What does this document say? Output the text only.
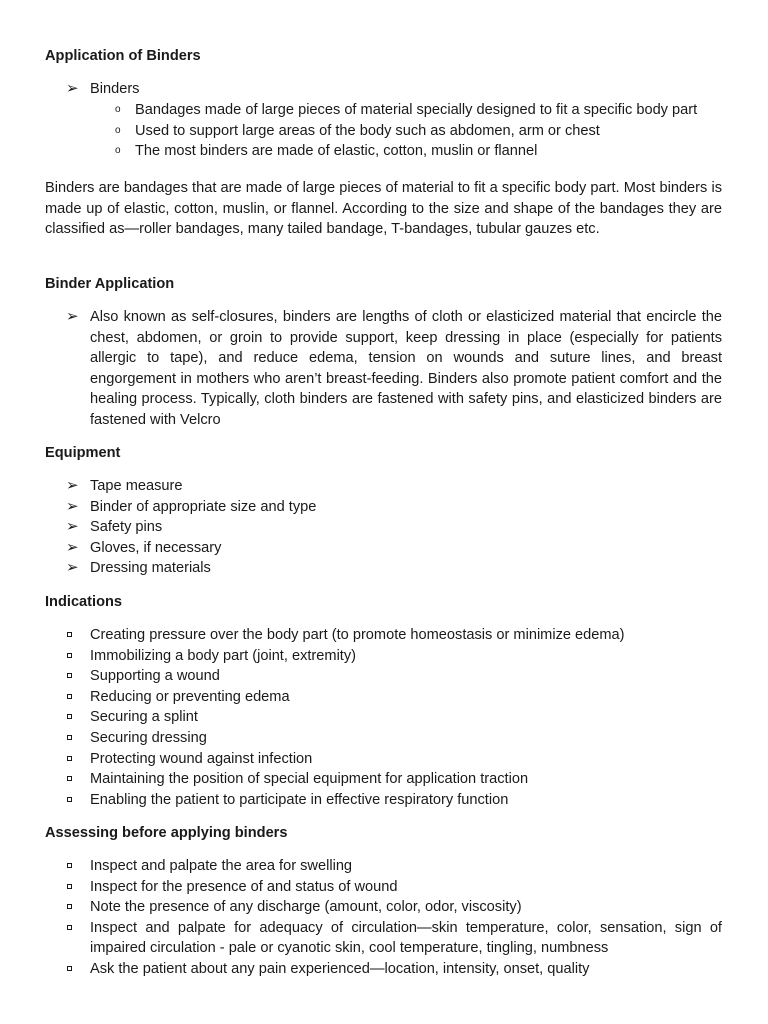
Application of Binders
➢ Binders
o Bandages made of large pieces of material specially designed to fit a specific body part
o Used to support large areas of the body such as abdomen, arm or chest
o The most binders are made of elastic, cotton, muslin or flannel

Binders are bandages that are made of large pieces of material to fit a specific body part. Most binders is made up of elastic, cotton, muslin, or flannel. According to the size and shape of the bandages they are classified as—roller bandages, many tailed bandage, T-bandages, tubular gauzes etc.

Binder Application
➢ Also known as self-closures, binders are lengths of cloth or elasticized material that encircle the chest, abdomen, or groin to provide support, keep dressing in place (especially for patients allergic to tape), and reduce edema, tension on wounds and suture lines, and breast engorgement in mothers who aren’t breast-feeding. Binders also promote patient comfort and the healing process. Typically, cloth binders are fastened with safety pins, and elasticized binders are fastened with Velcro
Equipment
➢ Tape measure
➢ Binder of appropriate size and type
➢ Safety pins
➢ Gloves, if necessary
➢ Dressing materials
Indications
Creating pressure over the body part (to promote homeostasis or minimize edema)
Immobilizing a body part (joint, extremity)
Supporting a wound
Reducing or preventing edema
Securing a splint
Securing dressing
Protecting wound against infection
Maintaining the position of special equipment for application traction
Enabling the patient to participate in effective respiratory function
Assessing before applying binders
Inspect and palpate the area for swelling
Inspect for the presence of and status of wound
Note the presence of any discharge (amount, color, odor, viscosity)
Inspect and palpate for adequacy of circulation—skin temperature, color, sensation, sign of impaired circulation - pale or cyanotic skin, cool temperature, tingling, numbness
Ask the patient about any pain experienced—location, intensity, onset, quality
